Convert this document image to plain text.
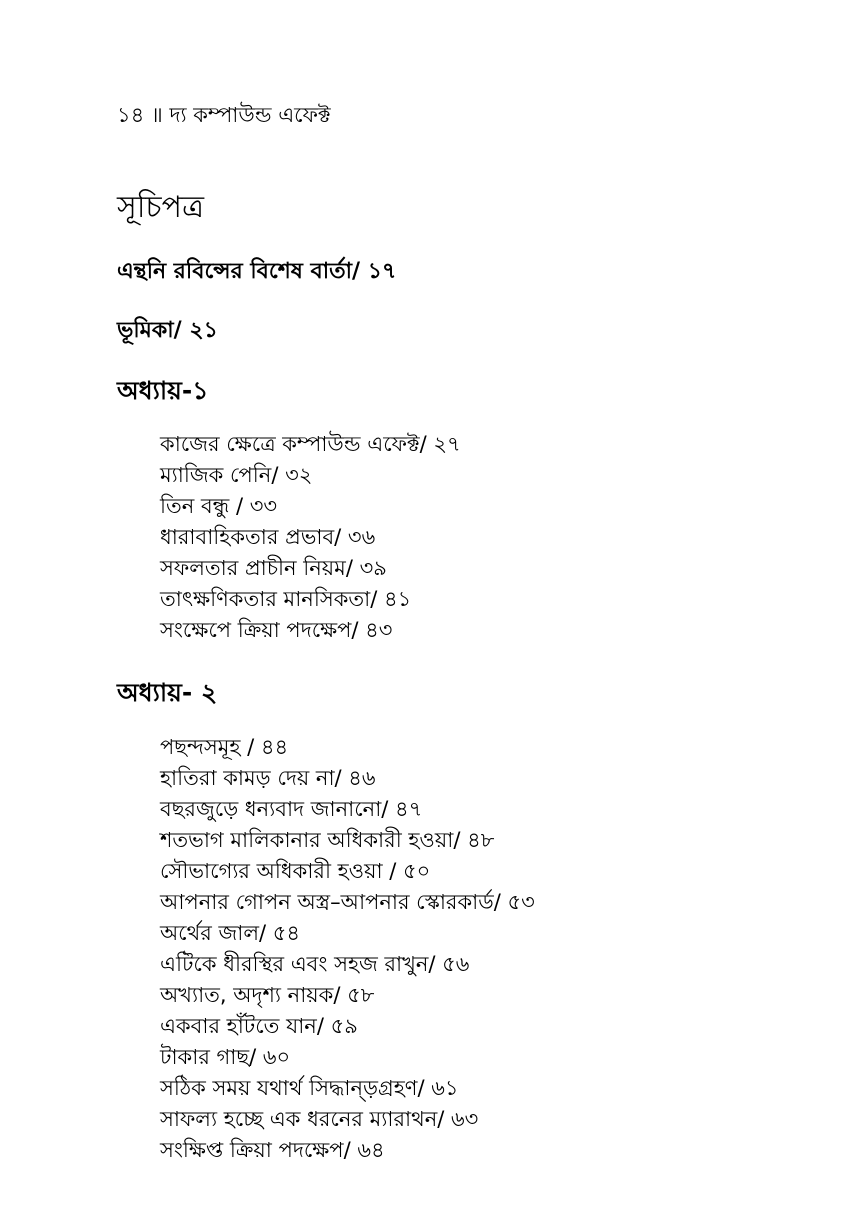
১৪ ॥ দ্য কম্পাউন্ড এফেক্ট
সূচিপত্র
এন্থনি রবিন্সের বিশেষ বার্তা/ ১৭
ভূমিকা/ ২১
অধ্যায়-১
কাজের ক্ষেত্রে কম্পাউন্ড এফেক্ট/ ২৭
ম্যাজিক পেনি/ ৩২
তিন বন্ধু / ৩৩
ধারাবাহিকতার প্রভাব/ ৩৬
সফলতার প্রাচীন নিয়ম/ ৩৯
তাৎক্ষণিকতার মানসিকতা/ ৪১
সংক্ষেপে ক্রিয়া পদক্ষেপ/ ৪৩
অধ্যায়- ২
পছন্দসমূহ / ৪৪
হাতিরা কামড় দেয় না/ ৪৬
বছরজুড়ে ধন্যবাদ জানানো/ ৪৭
শতভাগ মালিকানার অধিকারী হওয়া/ ৪৮
সৌভাগ্যের অধিকারী হওয়া / ৫০
আপনার গোপন অস্ত্র–আপনার স্কোরকার্ড/ ৫৩
অর্থের জাল/ ৫৪
এটিকে ধীরস্থির এবং সহজ রাখুন/ ৫৬
অখ্যাত, অদৃশ্য নায়ক/ ৫৮
একবার হাঁটতে যান/ ৫৯
টাকার গাছ/ ৬০
সঠিক সময় যথার্থ সিদ্ধান্ড়গ্রহণ/ ৬১
সাফল্য হচ্ছে এক ধরনের ম্যারাথন/ ৬৩
সংক্ষিপ্ত ক্রিয়া পদক্ষেপ/ ৬৪
